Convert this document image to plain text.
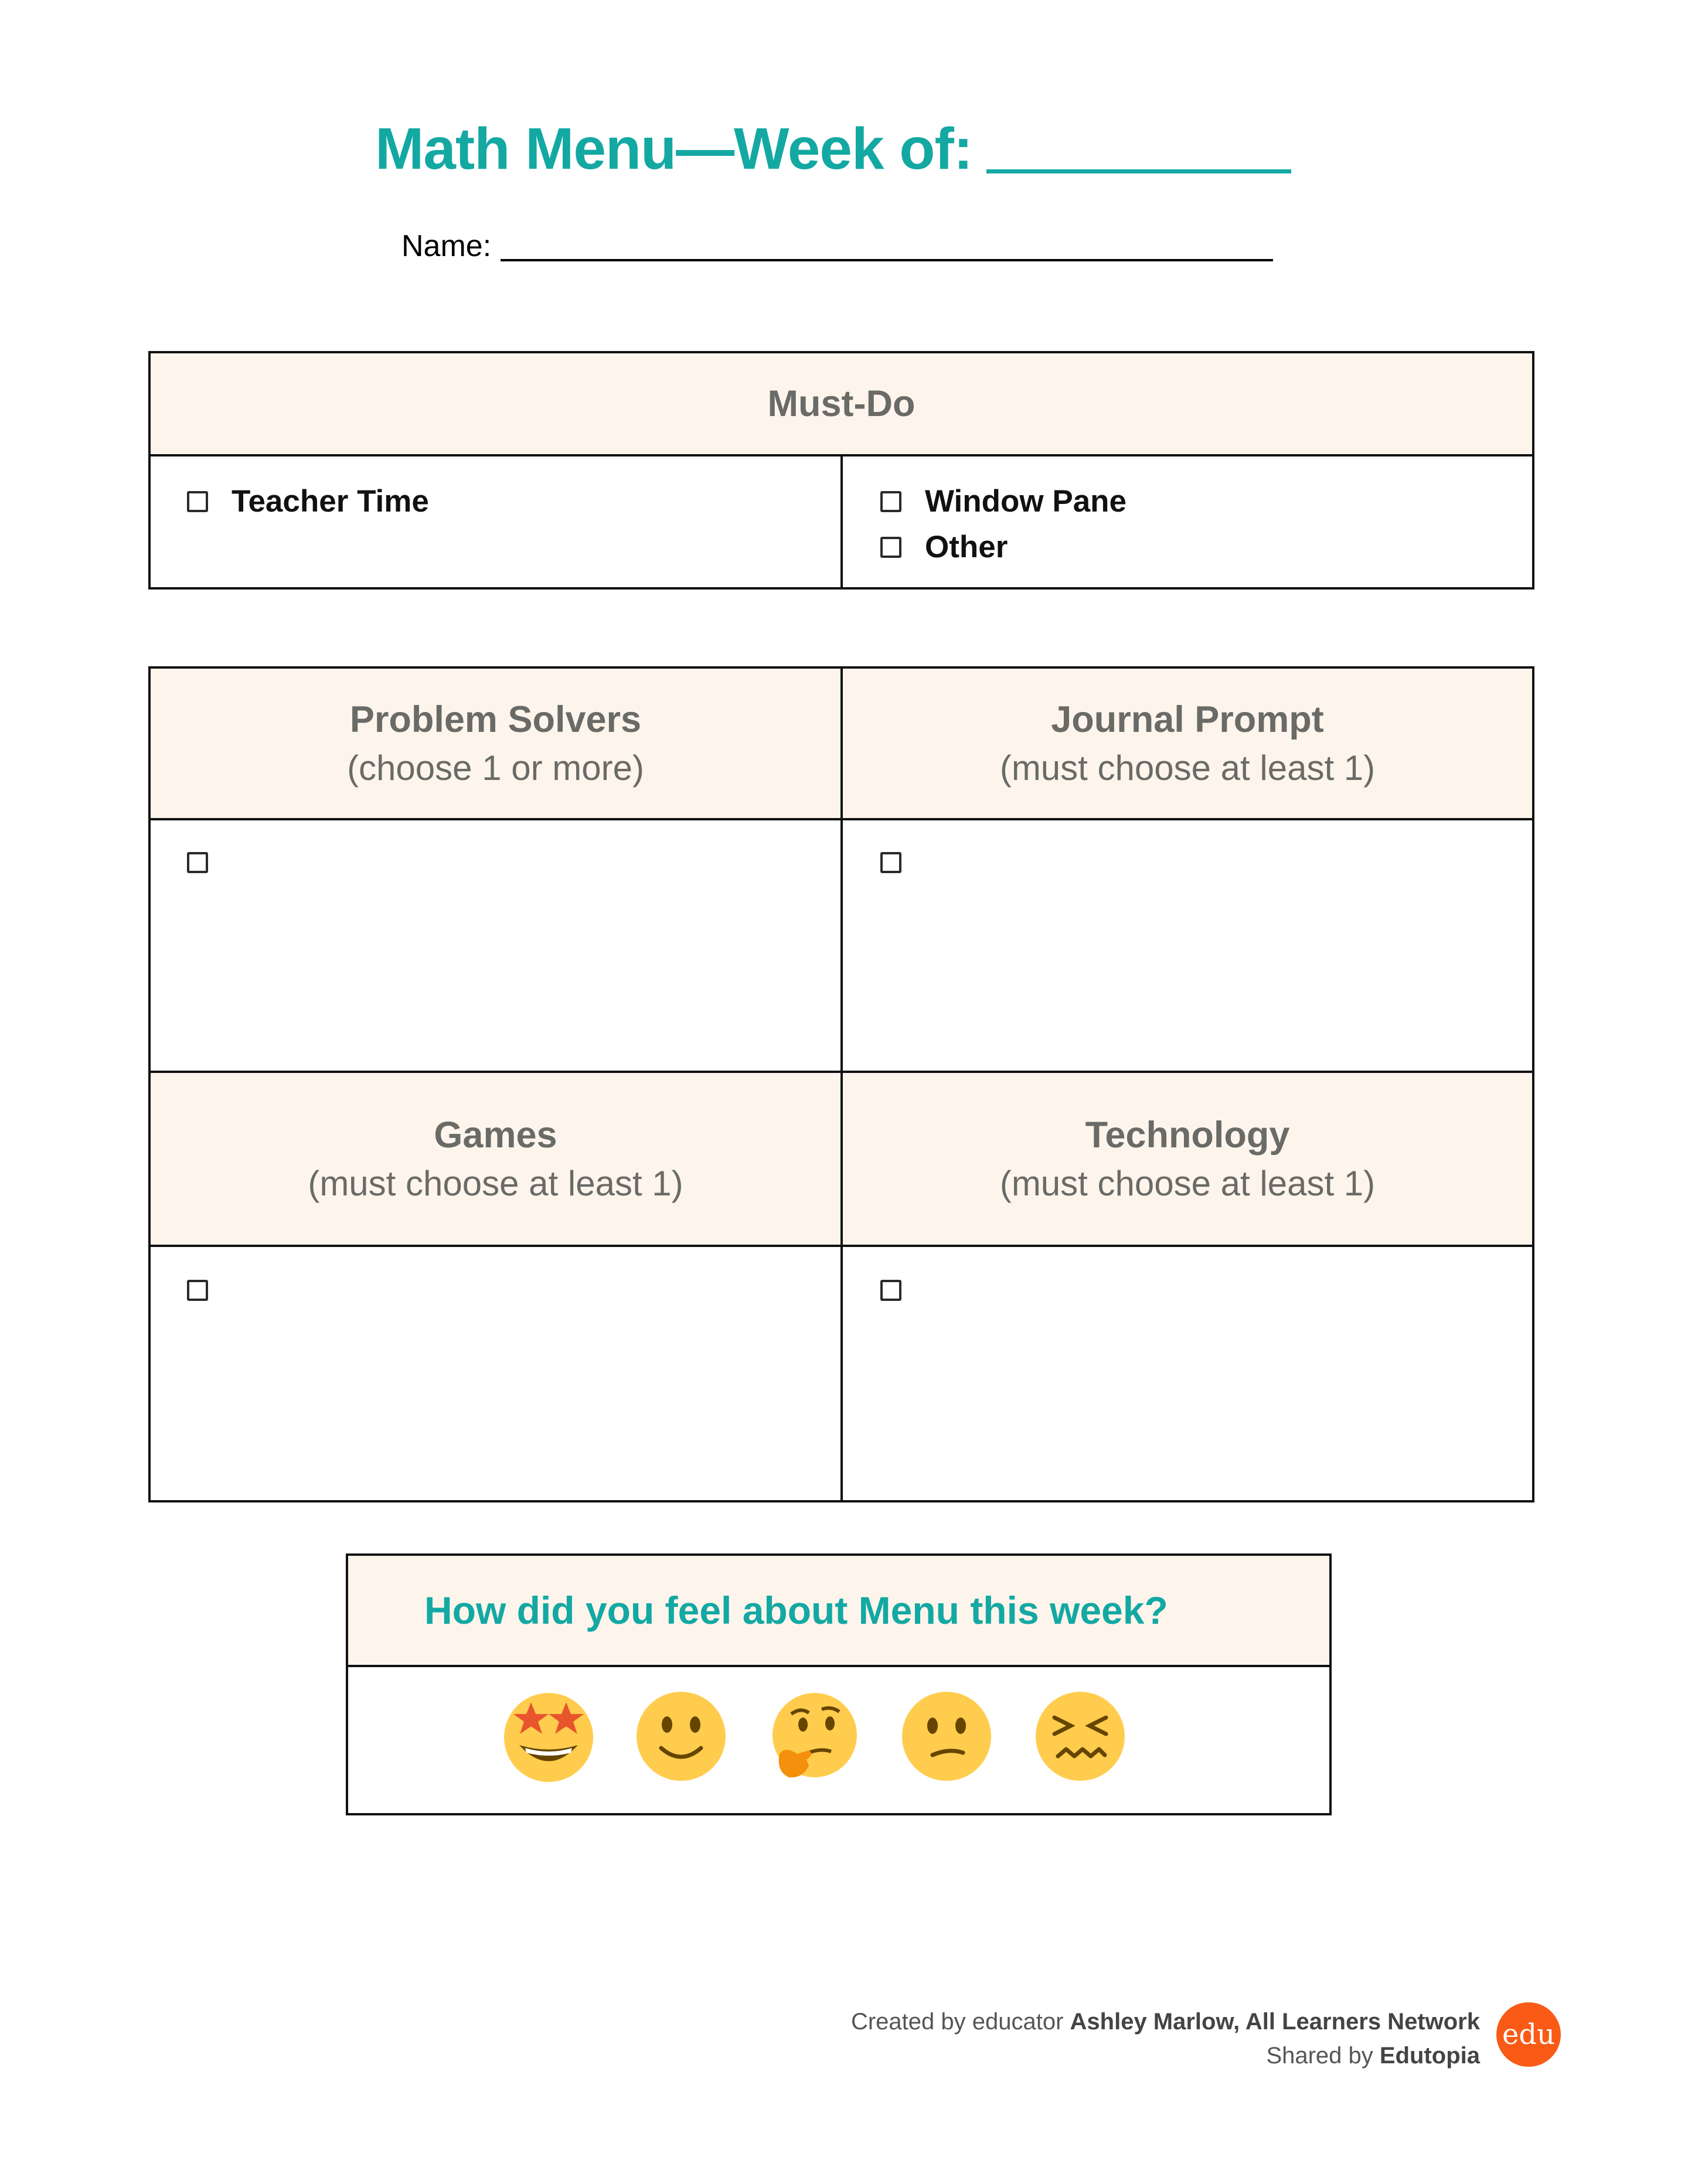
Math Menu—Week of:
Name:
Must-Do
Teacher Time	Window Pane
Other
Problem Solvers
(choose 1 or more)
Journal Prompt
(must choose at least 1)
Games
(must choose at least 1)
Technology
(must choose at least 1)
How did you feel about Menu this week?
Created by educator Ashley Marlow, All Learners Network
Shared by Edutopia
edu
